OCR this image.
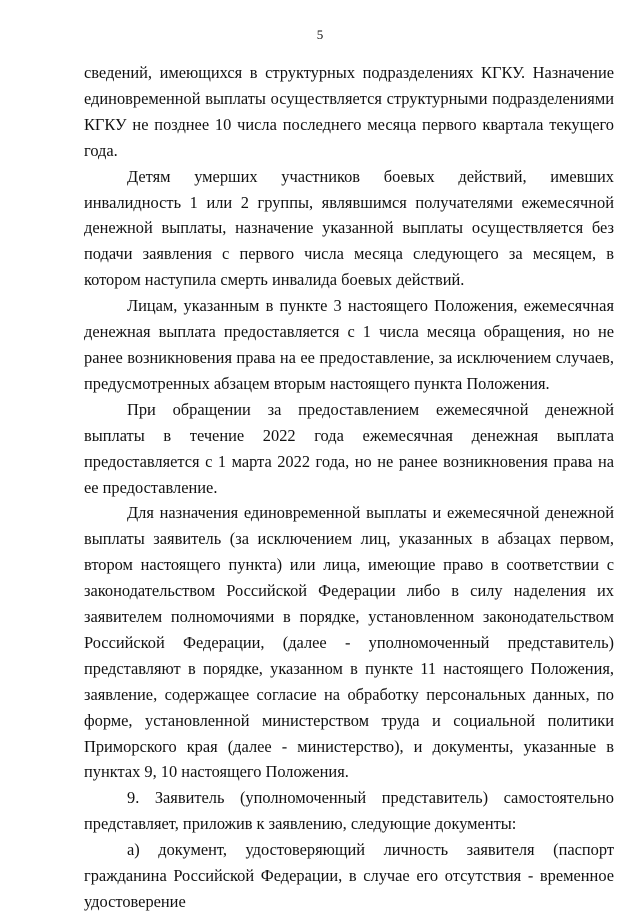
5

сведений, имеющихся в структурных подразделениях КГКУ. Назначение единовременной выплаты осуществляется структурными подразделениями КГКУ не позднее 10 числа последнего месяца первого квартала текущего года.

Детям умерших участников боевых действий, имевших инвалидность 1 или 2 группы, являвшимся получателями ежемесячной денежной выплаты, назначение указанной выплаты осуществляется без подачи заявления с первого числа месяца следующего за месяцем, в котором наступила смерть инвалида боевых действий.

Лицам, указанным в пункте 3 настоящего Положения, ежемесячная денежная выплата предоставляется с 1 числа месяца обращения, но не ранее возникновения права на ее предоставление, за исключением случаев, предусмотренных абзацем вторым настоящего пункта Положения.

При обращении за предоставлением ежемесячной денежной выплаты в течение 2022 года ежемесячная денежная выплата предоставляется с 1 марта 2022 года, но не ранее возникновения права на ее предоставление.

Для назначения единовременной выплаты и ежемесячной денежной выплаты заявитель (за исключением лиц, указанных в абзацах первом, втором настоящего пункта) или лица, имеющие право в соответствии с законодательством Российской Федерации либо в силу наделения их заявителем полномочиями в порядке, установленном законодательством Российской Федерации, (далее - уполномоченный представитель) представляют в порядке, указанном в пункте 11 настоящего Положения, заявление, содержащее согласие на обработку персональных данных, по форме, установленной министерством труда и социальной политики Приморского края (далее - министерство), и документы, указанные в пунктах 9, 10 настоящего Положения.

9. Заявитель (уполномоченный представитель) самостоятельно представляет, приложив к заявлению, следующие документы:

а) документ, удостоверяющий личность заявителя (паспорт гражданина Российской Федерации, в случае его отсутствия - временное удостоверение
